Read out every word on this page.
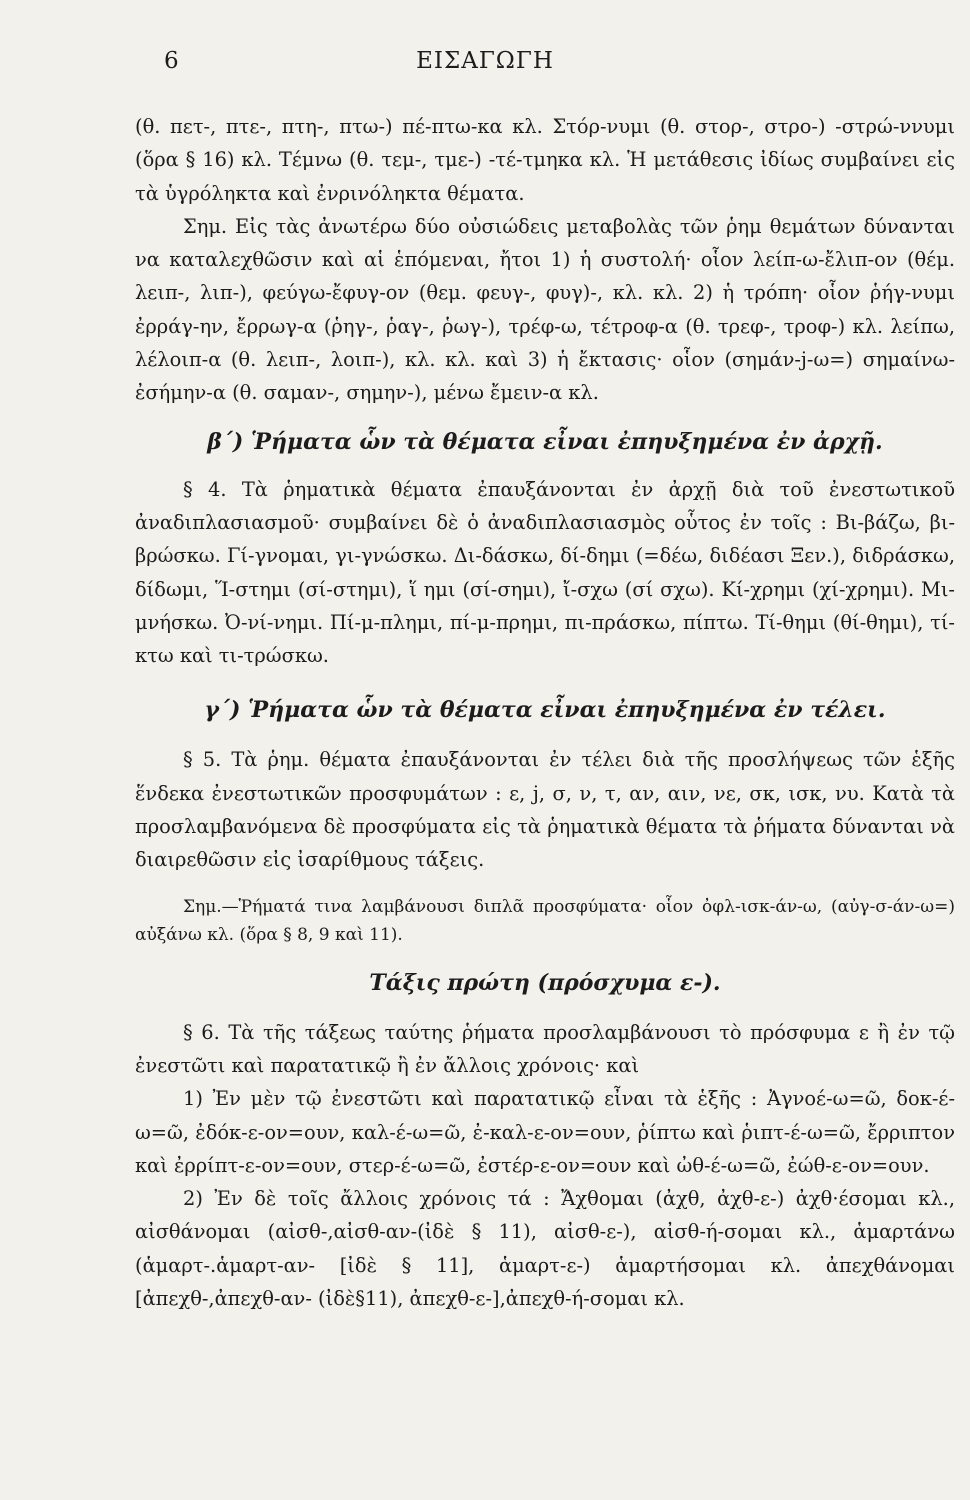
6	ΕΙΣΑΓΩΓΗ

(θ. πετ-, πτε-, πτη-, πτω-) πέ-πτω-κα κλ. Στόρ-νυμι (θ. στορ-, στρο-) -στρώ-ννυμι (ὅρα § 16) κλ. Τέμνω (θ. τεμ-, τμε-) -τέ-τμηκα κλ. Ἡ μετάθεσις ἰδίως συμβαίνει εἰς τὰ ὑγρόληκτα καὶ ἐνρινόληκτα θέματα.

Σημ. Εἰς τὰς ἀνωτέρω δύο οὐσιώδεις μεταβολὰς τῶν ῥημ θεμάτων δύνανται να καταλεχθῶσιν καὶ αἱ ἑπόμεναι, ἤτοι 1) ἡ συστολή· οἷον λείπ-ω-ἔλιπ-ον (θέμ. λειπ-, λιπ-), φεύγω-ἔφυγ-ον (θεμ. φευγ-, φυγ)-, κλ. κλ. 2) ἡ τρόπη· οἷον ῥήγ-νυμι ἐρράγ-ην, ἔρρωγ-α (ῥηγ-, ῥαγ-, ῥωγ-), τρέφ-ω, τέτροφ-α (θ. τρεφ-, τροφ-) κλ. λείπω, λέλοιπ-α (θ. λειπ-, λοιπ-), κλ. κλ. καὶ 3) ἡ ἔκτασις· οἷον (σημάν-j-ω=) σημαίνω-ἐσήμην-α (θ. σαμαν-, σημην-), μένω ἔμειν-α κλ.

β΄) Ῥήματα ὧν τὰ θέματα εἶναι ἐπηυξημένα ἐν ἀρχῇ.

§ 4. Τὰ ῥηματικὰ θέματα ἐπαυξάνονται ἐν ἀρχῇ διὰ τοῦ ἐνεστωτικοῦ ἀναδιπλασιασμοῦ· συμβαίνει δὲ ὁ ἀναδιπλασιασμὸς οὗτος ἐν τοῖς : Βι-βάζω, βι-βρώσκω. Γί-γνομαι, γι-γνώσκω. Δι-δάσκω, δί-δημι (=δέω, διδέασι Ξεν.), διδράσκω, δίδωμι, Ἵ-στημι (σί-στημι), ἵ ημι (σί-σημι), ἴ-σχω (σί σχω). Κί-χρημι (χί-χρημι). Μι-μνήσκω. Ὀ-νί-νημι. Πί-μ-πλημι, πί-μ-πρημι, πι-πράσκω, πίπτω. Τί-θημι (θί-θημι), τί-κτω καὶ τι-τρώσκω.

γ΄) Ῥήματα ὧν τὰ θέματα εἶναι ἐπηυξημένα ἐν τέλει.

§ 5. Τὰ ῥημ. θέματα ἐπαυξάνονται ἐν τέλει διὰ τῆς προσλήψεως τῶν ἑξῆς ἕνδεκα ἐνεστωτικῶν προσφυμάτων : ε, j, σ, ν, τ, αν, αιν, νε, σκ, ισκ, νυ. Κατὰ τὰ προσλαμβανόμενα δὲ προσφύματα εἰς τὰ ῥηματικὰ θέματα τὰ ῥήματα δύνανται νὰ διαιρεθῶσιν εἰς ἰσαρίθμους τάξεις.

Σημ.—Ῥήματά τινα λαμβάνουσι διπλᾶ προσφύματα· οἷον ὀφλ-ισκ-άν-ω, (αὐγ-σ-άν-ω=) αὐξάνω κλ. (ὅρα § 8, 9 καὶ 11).

Τάξις πρώτη (πρόσχυμα ε-).

§ 6. Τὰ τῆς τάξεως ταύτης ῥήματα προσλαμβάνουσι τὸ πρόσφυμα ε ἢ ἐν τῷ ἐνεστῶτι καὶ παρατατικῷ ἢ ἐν ἄλλοις χρόνοις· καὶ

1) Ἐν μὲν τῷ ἐνεστῶτι καὶ παρατατικῷ εἶναι τὰ ἑξῆς : Ἀγνοέ-ω=ῶ, δοκ-έ-ω=ῶ, ἐδόκ-ε-ον=ουν, καλ-έ-ω=ῶ, ἐ-καλ-ε-ον=ουν, ῥίπτω καὶ ῥιπτ-έ-ω=ῶ, ἔρριπτον καὶ ἐρρίπτ-ε-ον=ουν, στερ-έ-ω=ῶ, ἐστέρ-ε-ον=ουν καὶ ὠθ-έ-ω=ῶ, ἐώθ-ε-ον=ουν.

2) Ἐν δὲ τοῖς ἄλλοις χρόνοις τά : Ἄχθομαι (ἀχθ, ἀχθ-ε-) ἀχθ·έσομαι κλ., αἰσθάνομαι (αἰσθ-,αἰσθ-αν-(ἰδὲ § 11), αἰσθ-ε-), αἰσθ-ή-σομαι κλ., ἁμαρτάνω (ἁμαρτ-.ἁμαρτ-αν- [ἰδὲ § 11], ἁμαρτ-ε-) ἁμαρτήσομαι κλ. ἀπεχθάνομαι [ἀπεχθ-,ἀπεχθ-αν- (ἰδὲ§11), ἀπεχθ-ε-],ἀπεχθ-ή-σομαι κλ.
